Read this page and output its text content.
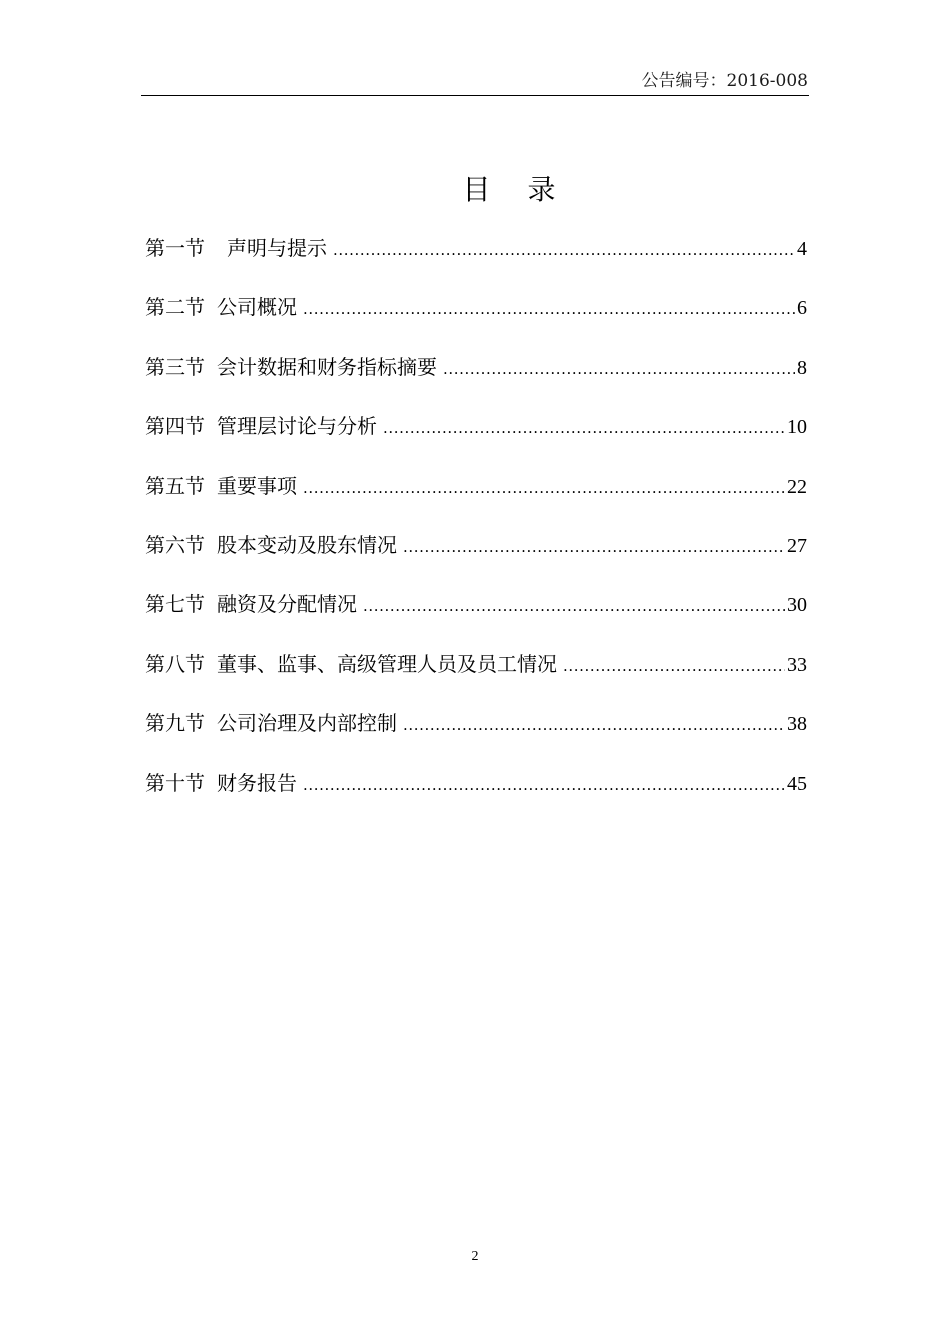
公告编号：2016-008
目 录
第一节 声明与提示 .....	4
第二节 公司概况 .....	6
第三节 会计数据和财务指标摘要 .....	8
第四节 管理层讨论与分析 .....	10
第五节 重要事项 .....	22
第六节 股本变动及股东情况 .....	27
第七节 融资及分配情况 .....	30
第八节 董事、监事、高级管理人员及员工情况 .....	33
第九节 公司治理及内部控制 .....	38
第十节 财务报告 .....	45
2
